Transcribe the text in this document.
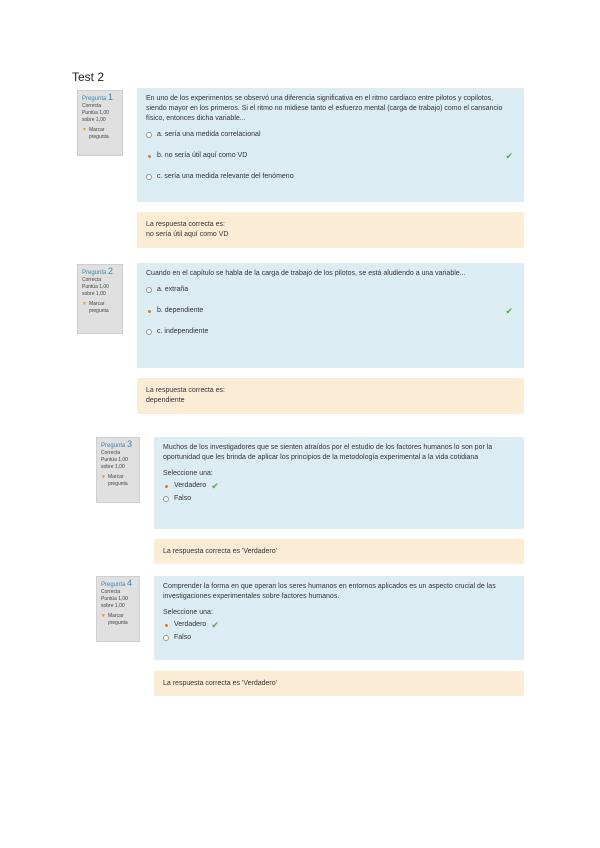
Test 2
Pregunta 1
Correcta
Puntúa 1,00
sobre 1,00
▼ Marcar
pregunta

En uno de los experimentos se observó una diferencia significativa en el ritmo cardiaco entre pilotos y copilotos, siendo mayor en los primeros. Si el ritmo no midiese tanto el esfuerzo mental (carga de trabajo) como el cansancio físico, entonces dicha variable...

a. sería una medida correlacional
b. no sería útil aquí como VD	✔
c. sería una medida relevante del fenómeno
La respuesta correcta es:
no sería útil aquí como VD
Pregunta 2
Correcta
Puntúa 1,00
sobre 1,00
▼ Marcar
pregunta

Cuando en el capítulo se habla de la carga de trabajo de los pilotos, se está aludiendo a una variable...

a. extraña
b. dependiente	✔
c. independiente
La respuesta correcta es:
dependiente
Pregunta 3
Correcta
Puntúa 1,00
sobre 1,00
▼ Marcar
pregunta

Muchos de los investigadores que se sienten atraídos por el estudio de los factores humanos lo son por la oportunidad que les brinda de aplicar los principios de la metodología experimental a la vida cotidiana

Seleccione una:
Verdadero ✔
Falso
La respuesta correcta es 'Verdadero'
Pregunta 4
Correcta
Puntúa 1,00
sobre 1,00
▼ Marcar
pregunta

Comprender la forma en que operan los seres humanos en entornos aplicados es un aspecto crucial de las investigaciones experimentales sobre factores humanos.

Seleccione una:
Verdadero ✔
Falso
La respuesta correcta es 'Verdadero'
